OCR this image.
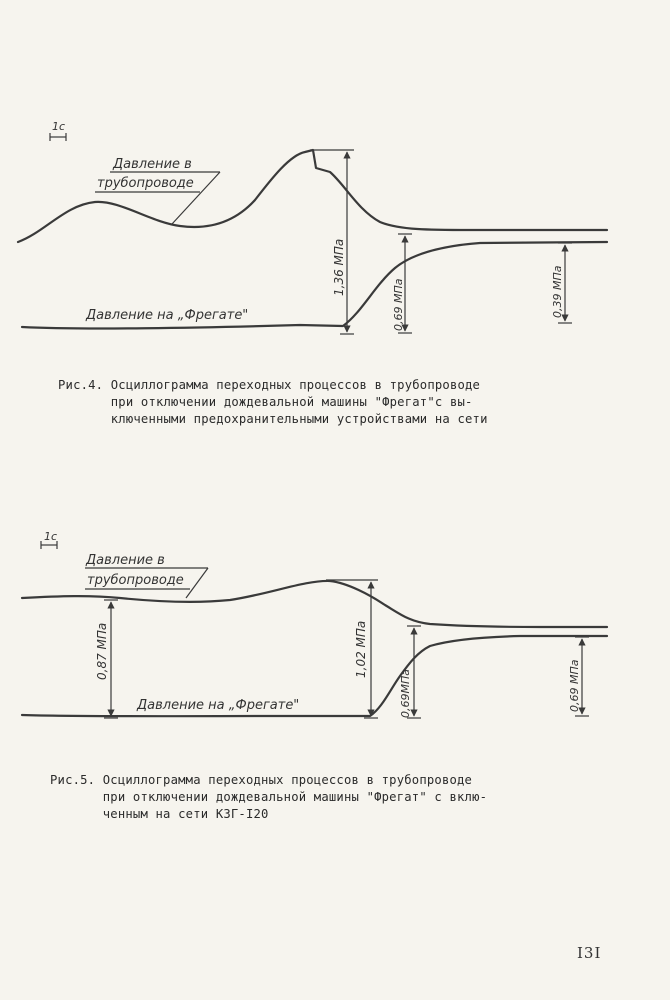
1c
Давление в
трубопроводе
Давление на „Фрегате"
1,36 МПа
0,69 МПа	0,39 МПа
1c
Давление в
трубопроводе
Давление на „Фрегате"
0,87 МПа	1,02 МПа
0,69МПа	0,69 МПа

Рис.4. Осциллограмма переходных процессов в трубопроводе
при отключении дождевальной машины "Фрегат"с вы-
ключенными предохранительными устройствами на сети

Рис.5. Осциллограмма переходных процессов в трубопроводе
при отключении дождевальной машины "Фрегат" с вклю-
ченным на сети КЗГ-I20

I3I
